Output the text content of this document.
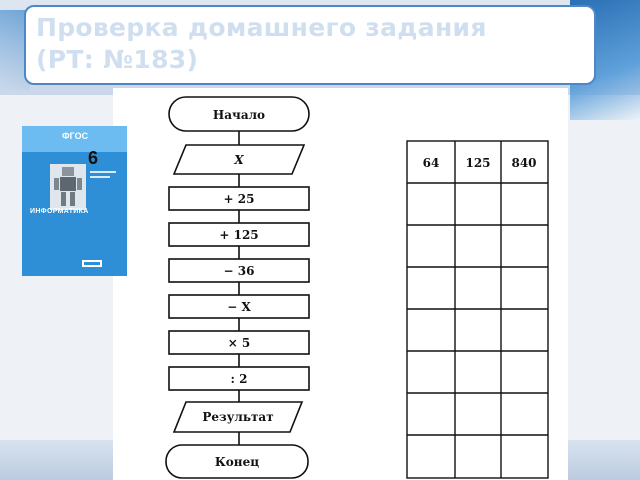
Проверка домашнего задания
(РТ: №183)
ФГОС
6
ИНФОРМАТИКА
Начало
X
+ 25
+ 125
− 36
− X
× 5
: 2
Результат
Конец
64 125 840
